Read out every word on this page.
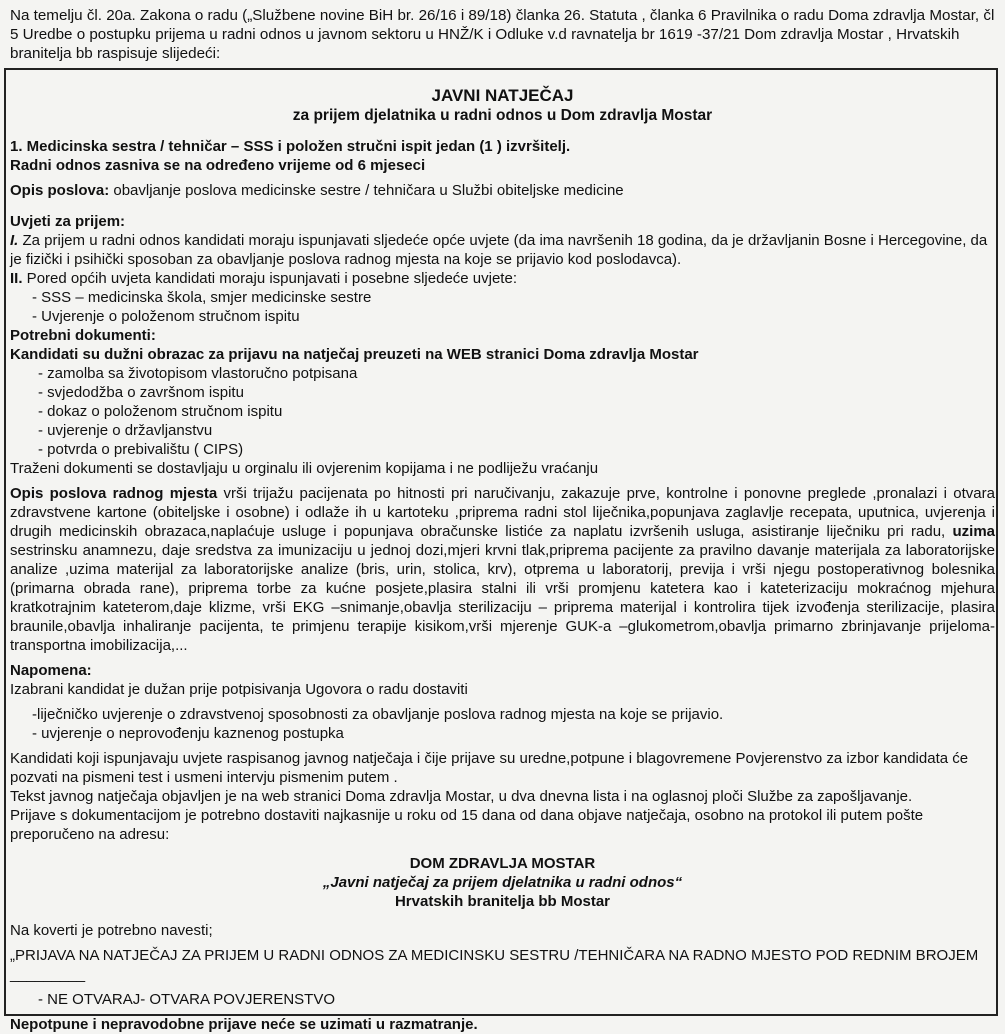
Na temelju čl. 20a. Zakona o radu („Službene novine BiH br. 26/16 i 89/18) članka 26. Statuta , članka 6 Pravilnika o radu Doma zdravlja Mostar, čl 5 Uredbe o postupku prijema u radni odnos u javnom sektoru u HNŽ/K i Odluke v.d ravnatelja br 1619 -37/21 Dom zdravlja Mostar , Hrvatskih branitelja bb raspisuje slijedeći:

JAVNI NATJEČAJ

za prijem djelatnika u radni odnos u Dom zdravlja Mostar

1. Medicinska sestra / tehničar – SSS i položen stručni ispit jedan (1 ) izvršitelj.

Radni odnos zasniva se na određeno vrijeme od 6 mjeseci

Opis poslova: obavljanje poslova medicinske sestre / tehničara u Službi obiteljske medicine

Uvjeti za prijem:

I. Za prijem u radni odnos kandidati moraju ispunjavati sljedeće opće uvjete (da ima navršenih 18 godina, da je državljanin Bosne i Hercegovine, da je fizički i psihički sposoban za obavljanje poslova radnog mjesta na koje se prijavio kod poslodavca).

II. Pored općih uvjeta kandidati moraju ispunjavati i posebne sljedeće uvjete:

- SSS – medicinska škola, smjer medicinske sestre

- Uvjerenje o položenom stručnom ispitu

Potrebni dokumenti:

Kandidati su dužni obrazac za prijavu na natječaj preuzeti na WEB stranici Doma zdravlja Mostar

- zamolba sa životopisom vlastoručno potpisana

- svjedodžba o završnom ispitu

- dokaz o položenom stručnom ispitu

- uvjerenje o državljanstvu

- potvrda o prebivalištu ( CIPS)

Traženi dokumenti se dostavljaju u orginalu ili ovjerenim kopijama i ne podliježu vraćanju

Opis poslova radnog mjesta vrši trijažu pacijenata po hitnosti pri naručivanju, zakazuje prve, kontrolne i ponovne preglede ,pronalazi i otvara zdravstvene kartone (obiteljske i osobne) i odlaže ih u kartoteku ,priprema radni stol liječnika,popunjava zaglavlje recepata, uputnica, uvjerenja i drugih medicinskih obrazaca,naplaćuje usluge i popunjava obračunske listiće za naplatu izvršenih usluga, asistiranje liječniku pri radu, uzima sestrinsku anamnezu, daje sredstva za imunizaciju u jednoj dozi,mjeri krvni tlak,priprema pacijente za pravilno davanje materijala za laboratorijske analize ,uzima materijal za laboratorijske analize (bris, urin, stolica, krv), otprema u laboratorij, previja i vrši njegu postoperativnog bolesnika (primarna obrada rane), priprema torbe za kućne posjete,plasira stalni ili vrši promjenu katetera kao i kateterizaciju mokraćnog mjehura kratkotrajnim kateterom,daje klizme, vrši EKG –snimanje,obavlja sterilizaciju – priprema materijal i kontrolira tijek izvođenja sterilizacije, plasira braunile,obavlja inhaliranje pacijenta, te primjenu terapije kisikom,vrši mjerenje GUK-a –glukometrom,obavlja primarno zbrinjavanje prijeloma-transportna imobilizacija,...

Napomena:

Izabrani kandidat je dužan prije potpisivanja Ugovora o radu dostaviti

-liječničko uvjerenje o zdravstvenoj sposobnosti za obavljanje poslova radnog mjesta na koje se prijavio.

- uvjerenje o neprovođenju kaznenog postupka

Kandidati koji ispunjavaju uvjete raspisanog javnog natječaja i čije prijave su uredne,potpune i blagovremene Povjerenstvo za izbor kandidata će pozvati na pismeni test i usmeni intervju pismenim putem .

Tekst javnog natječaja objavljen je na web stranici Doma zdravlja Mostar, u dva dnevna lista i na oglasnoj ploči Službe za zapošljavanje.

Prijave s dokumentacijom je potrebno dostaviti najkasnije u roku od 15 dana od dana objave natječaja, osobno na protokol ili putem pošte preporučeno na adresu:

DOM ZDRAVLJA MOSTAR

„Javni natječaj za prijem djelatnika u radni odnos“

Hrvatskih branitelja bb Mostar

Na koverti je potrebno navesti;

„PRIJAVA NA NATJEČAJ ZA PRIJEM U RADNI ODNOS ZA MEDICINSKU SESTRU /TEHNIČARA NA RADNO MJESTO POD REDNIM BROJEM _________

- NE OTVARAJ- OTVARA POVJERENSTVO

Nepotpune i nepravodobne prijave neće se uzimati u razmatranje.
